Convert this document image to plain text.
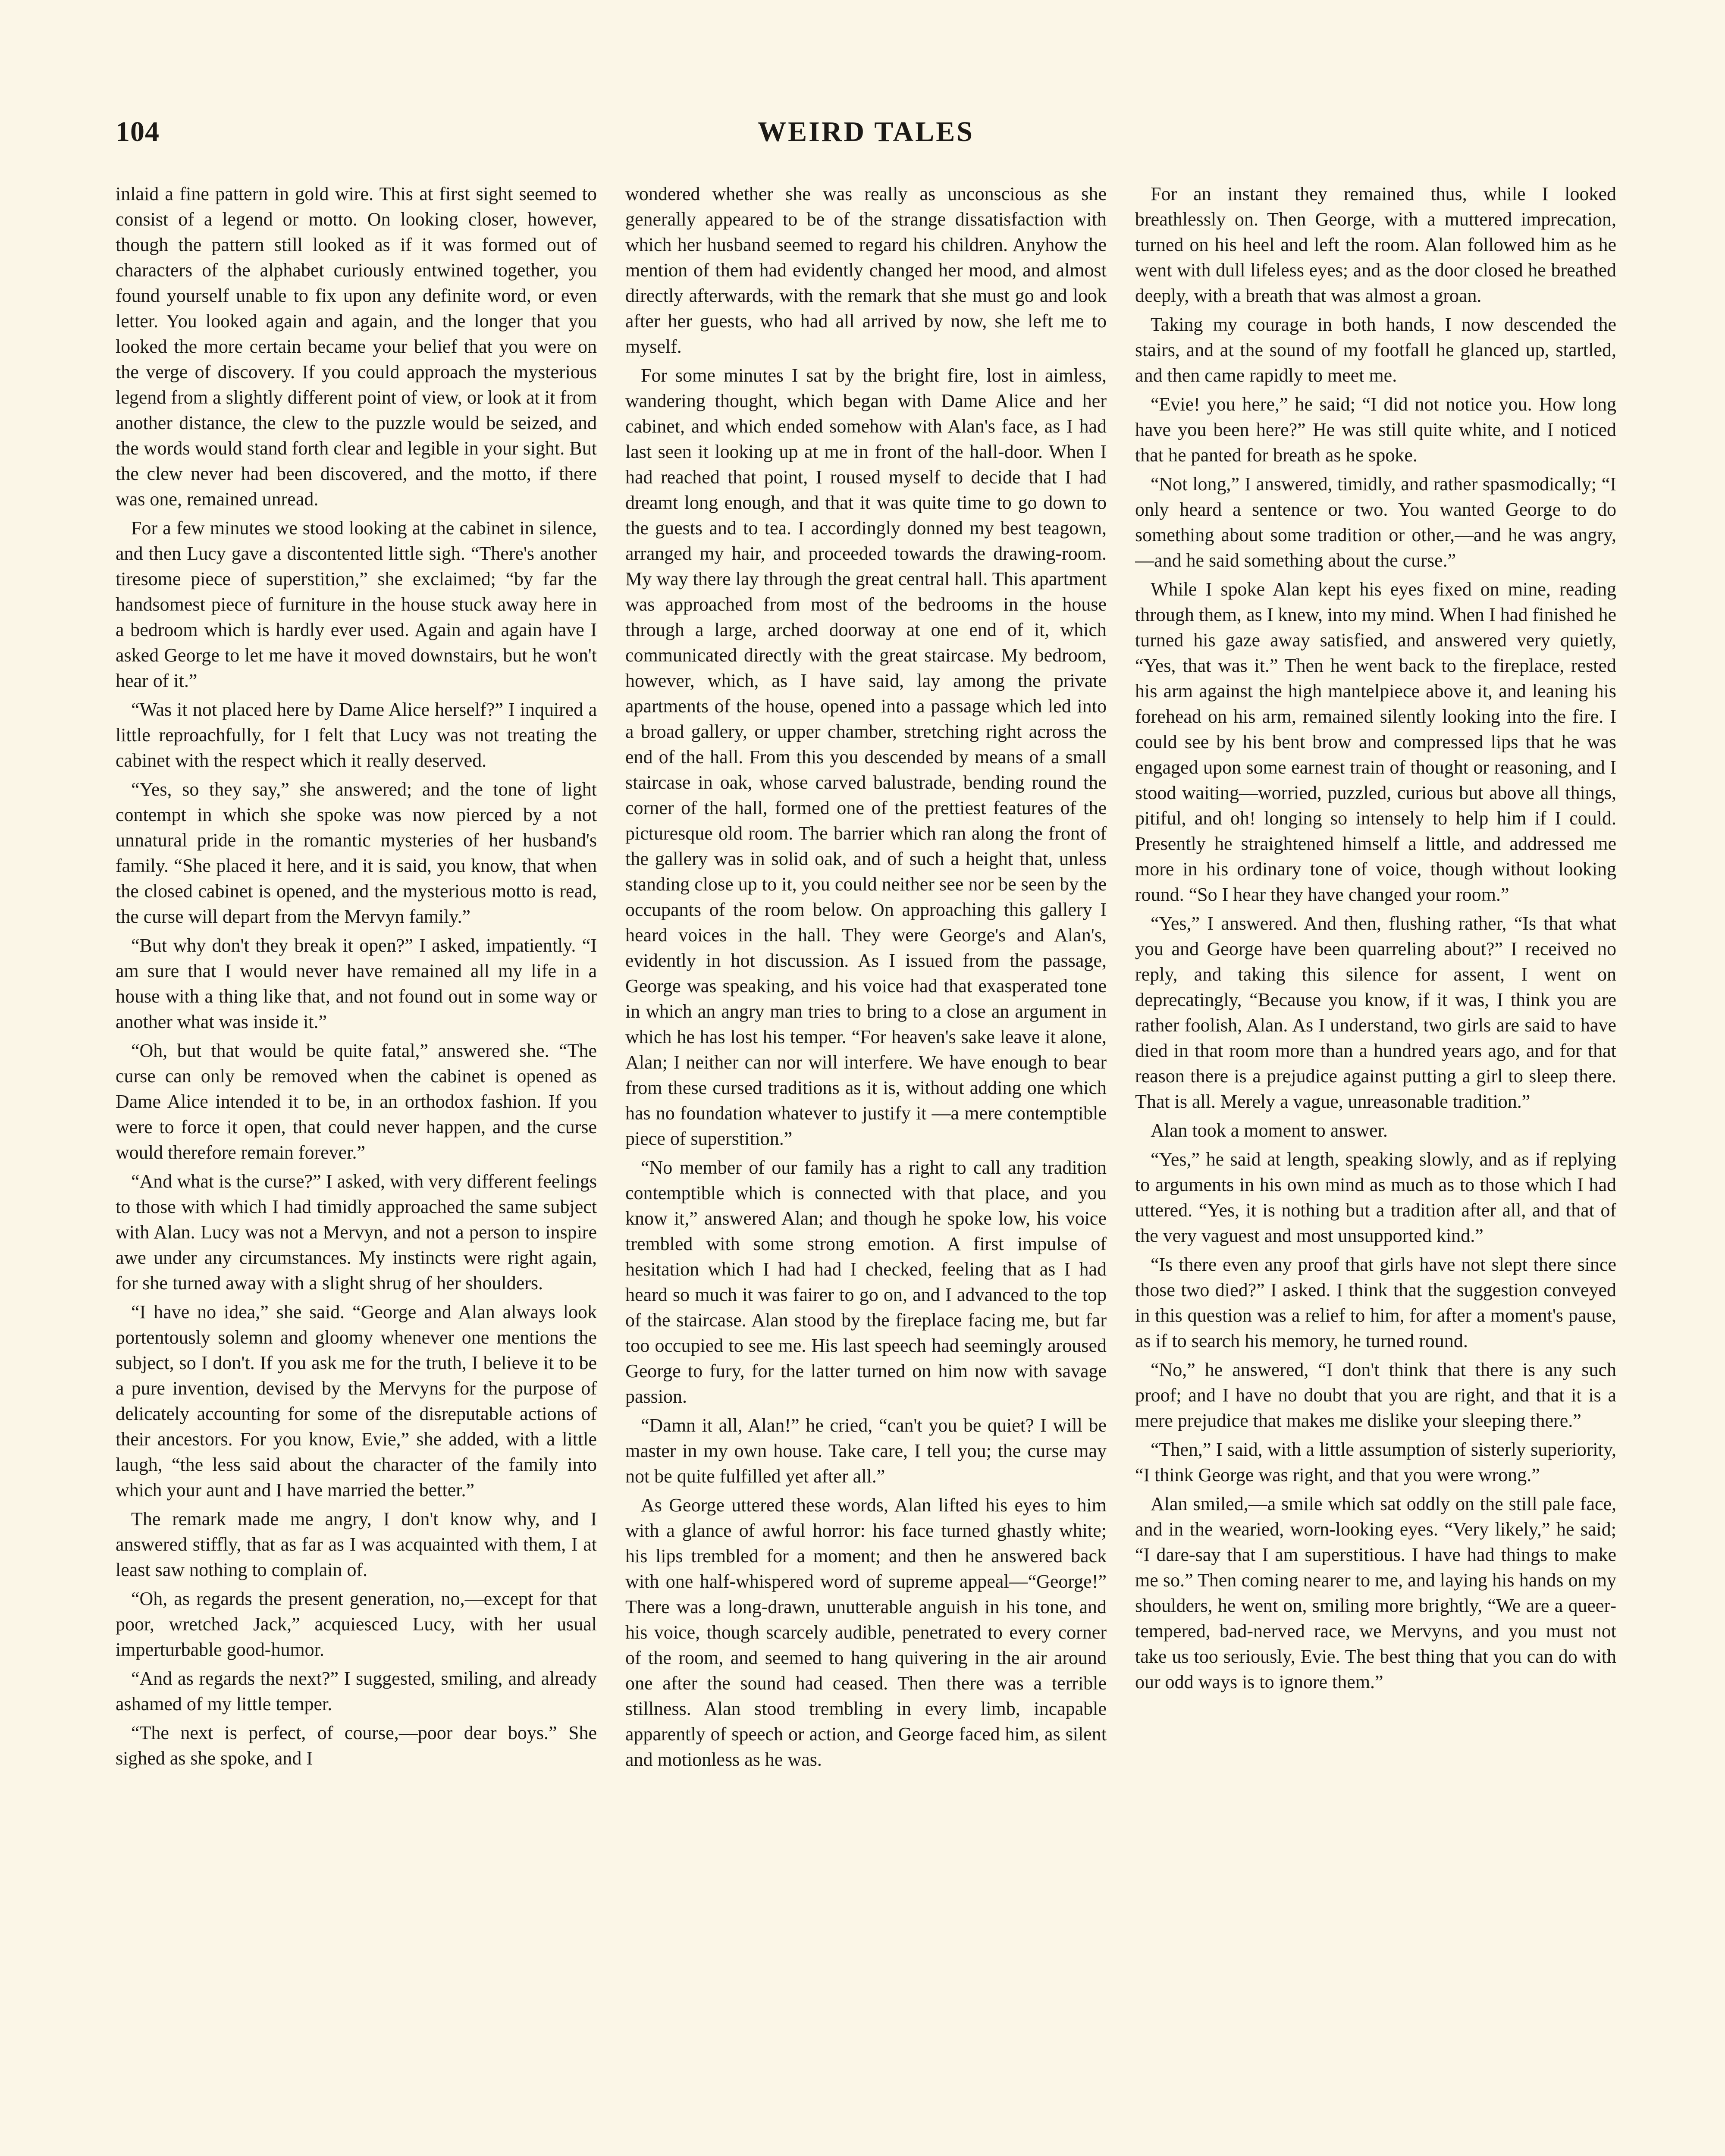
104	WEIRD TALES

inlaid a fine pattern in gold wire. This at first sight seemed to consist of a legend or motto. On looking closer, however, though the pattern still looked as if it was formed out of characters of the alphabet curiously entwined together, you found yourself unable to fix upon any definite word, or even letter. You looked again and again, and the longer that you looked the more certain became your belief that you were on the verge of discovery. If you could approach the mysterious legend from a slightly different point of view, or look at it from another distance, the clew to the puzzle would be seized, and the words would stand forth clear and legible in your sight. But the clew never had been discovered, and the motto, if there was one, remained unread.

For a few minutes we stood looking at the cabinet in silence, and then Lucy gave a discontented little sigh. “There's another tiresome piece of superstition,” she exclaimed; “by far the handsomest piece of furniture in the house stuck away here in a bedroom which is hardly ever used. Again and again have I asked George to let me have it moved downstairs, but he won't hear of it.”

“Was it not placed here by Dame Alice herself?” I inquired a little reproachfully, for I felt that Lucy was not treating the cabinet with the respect which it really deserved.

“Yes, so they say,” she answered; and the tone of light contempt in which she spoke was now pierced by a not unnatural pride in the romantic mysteries of her husband's family. “She placed it here, and it is said, you know, that when the closed cabinet is opened, and the mysterious motto is read, the curse will depart from the Mervyn family.”

“But why don't they break it open?” I asked, impatiently. “I am sure that I would never have remained all my life in a house with a thing like that, and not found out in some way or another what was inside it.”

“Oh, but that would be quite fatal,” answered she. “The curse can only be removed when the cabinet is opened as Dame Alice intended it to be, in an orthodox fashion. If you were to force it open, that could never happen, and the curse would therefore remain forever.”

“And what is the curse?” I asked, with very different feelings to those with which I had timidly approached the same subject with Alan. Lucy was not a Mervyn, and not a person to inspire awe under any circumstances. My instincts were right again, for she turned away with a slight shrug of her shoulders.

“I have no idea,” she said. “George and Alan always look portentously solemn and gloomy whenever one mentions the subject, so I don't. If you ask me for the truth, I believe it to be a pure invention, devised by the Mervyns for the purpose of delicately accounting for some of the disreputable actions of their ancestors. For you know, Evie,” she added, with a little laugh, “the less said about the character of the family into which your aunt and I have married the better.”

The remark made me angry, I don't know why, and I answered stiffly, that as far as I was acquainted with them, I at least saw nothing to complain of.

“Oh, as regards the present generation, no,—except for that poor, wretched Jack,” acquiesced Lucy, with her usual imperturbable good-humor.

“And as regards the next?” I suggested, smiling, and already ashamed of my little temper.

“The next is perfect, of course,—poor dear boys.” She sighed as she spoke, and I

wondered whether she was really as unconscious as she generally appeared to be of the strange dissatisfaction with which her husband seemed to regard his children. Anyhow the mention of them had evidently changed her mood, and almost directly afterwards, with the remark that she must go and look after her guests, who had all arrived by now, she left me to myself.

For some minutes I sat by the bright fire, lost in aimless, wandering thought, which began with Dame Alice and her cabinet, and which ended somehow with Alan's face, as I had last seen it looking up at me in front of the hall-door. When I had reached that point, I roused myself to decide that I had dreamt long enough, and that it was quite time to go down to the guests and to tea. I accordingly donned my best teagown, arranged my hair, and proceeded towards the drawing-room. My way there lay through the great central hall. This apartment was approached from most of the bedrooms in the house through a large, arched doorway at one end of it, which communicated directly with the great staircase. My bedroom, however, which, as I have said, lay among the private apartments of the house, opened into a passage which led into a broad gallery, or upper chamber, stretching right across the end of the hall. From this you descended by means of a small staircase in oak, whose carved balustrade, bending round the corner of the hall, formed one of the prettiest features of the picturesque old room. The barrier which ran along the front of the gallery was in solid oak, and of such a height that, unless standing close up to it, you could neither see nor be seen by the occupants of the room below. On approaching this gallery I heard voices in the hall. They were George's and Alan's, evidently in hot discussion. As I issued from the passage, George was speaking, and his voice had that exasperated tone in which an angry man tries to bring to a close an argument in which he has lost his temper. “For heaven's sake leave it alone, Alan; I neither can nor will interfere. We have enough to bear from these cursed traditions as it is, without adding one which has no foundation whatever to justify it —a mere contemptible piece of superstition.”

“No member of our family has a right to call any tradition contemptible which is connected with that place, and you know it,” answered Alan; and though he spoke low, his voice trembled with some strong emotion. A first impulse of hesitation which I had had I checked, feeling that as I had heard so much it was fairer to go on, and I advanced to the top of the staircase. Alan stood by the fireplace facing me, but far too occupied to see me. His last speech had seemingly aroused George to fury, for the latter turned on him now with savage passion.

“Damn it all, Alan!” he cried, “can't you be quiet? I will be master in my own house. Take care, I tell you; the curse may not be quite fulfilled yet after all.”

As George uttered these words, Alan lifted his eyes to him with a glance of awful horror: his face turned ghastly white; his lips trembled for a moment; and then he answered back with one half-whispered word of supreme appeal—“George!” There was a long-drawn, unutterable anguish in his tone, and his voice, though scarcely audible, penetrated to every corner of the room, and seemed to hang quivering in the air around one after the sound had ceased. Then there was a terrible stillness. Alan stood trembling in every limb, incapable apparently of speech or action, and George faced him, as silent and motionless as he was.

For an instant they remained thus, while I looked breathlessly on. Then George, with a muttered imprecation, turned on his heel and left the room. Alan followed him as he went with dull lifeless eyes; and as the door closed he breathed deeply, with a breath that was almost a groan.

Taking my courage in both hands, I now descended the stairs, and at the sound of my footfall he glanced up, startled, and then came rapidly to meet me.

“Evie! you here,” he said; “I did not notice you. How long have you been here?” He was still quite white, and I noticed that he panted for breath as he spoke.

“Not long,” I answered, timidly, and rather spasmodically; “I only heard a sentence or two. You wanted George to do something about some tradition or other,—and he was angry,—and he said something about the curse.”

While I spoke Alan kept his eyes fixed on mine, reading through them, as I knew, into my mind. When I had finished he turned his gaze away satisfied, and answered very quietly, “Yes, that was it.” Then he went back to the fireplace, rested his arm against the high mantelpiece above it, and leaning his forehead on his arm, remained silently looking into the fire. I could see by his bent brow and compressed lips that he was engaged upon some earnest train of thought or reasoning, and I stood waiting—worried, puzzled, curious but above all things, pitiful, and oh! longing so intensely to help him if I could. Presently he straightened himself a little, and addressed me more in his ordinary tone of voice, though without looking round. “So I hear they have changed your room.”

“Yes,” I answered. And then, flushing rather, “Is that what you and George have been quarreling about?” I received no reply, and taking this silence for assent, I went on deprecatingly, “Because you know, if it was, I think you are rather foolish, Alan. As I understand, two girls are said to have died in that room more than a hundred years ago, and for that reason there is a prejudice against putting a girl to sleep there. That is all. Merely a vague, unreasonable tradition.”

Alan took a moment to answer.

“Yes,” he said at length, speaking slowly, and as if replying to arguments in his own mind as much as to those which I had uttered. “Yes, it is nothing but a tradition after all, and that of the very vaguest and most unsupported kind.”

“Is there even any proof that girls have not slept there since those two died?” I asked. I think that the suggestion conveyed in this question was a relief to him, for after a moment's pause, as if to search his memory, he turned round.

“No,” he answered, “I don't think that there is any such proof; and I have no doubt that you are right, and that it is a mere prejudice that makes me dislike your sleeping there.”

“Then,” I said, with a little assumption of sisterly superiority, “I think George was right, and that you were wrong.”

Alan smiled,—a smile which sat oddly on the still pale face, and in the wearied, worn-looking eyes. “Very likely,” he said; “I dare-say that I am superstitious. I have had things to make me so.” Then coming nearer to me, and laying his hands on my shoulders, he went on, smiling more brightly, “We are a queer-tempered, bad-nerved race, we Mervyns, and you must not take us too seriously, Evie. The best thing that you can do with our odd ways is to ignore them.”
